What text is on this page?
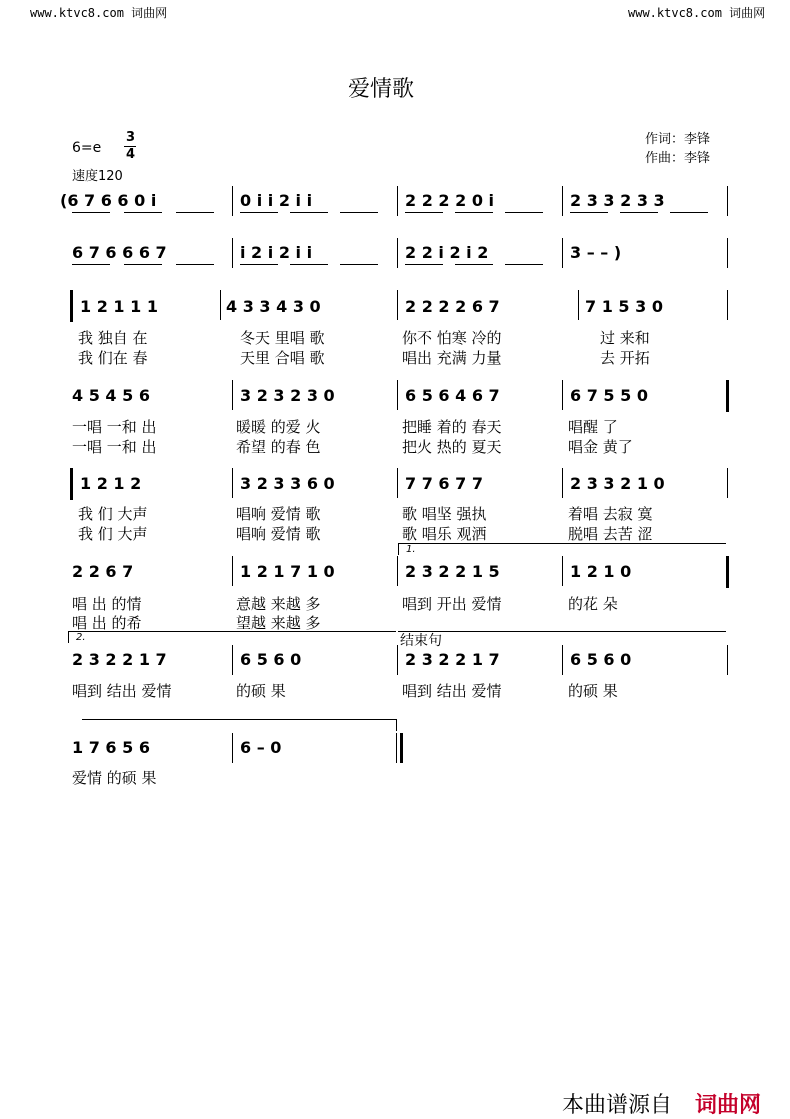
www.ktvc8.com 词曲网	www.ktvc8.com 词曲网
爱情歌
6=e
3
4
速度120
作词：李锋
作曲：李锋
(6 7 6 6 0 i	0 i i 2 i i	2 2 2 2 0 i	2 3 3 2 3 3
6 7 6 6 6 7	i 2 i 2 i i	2 2 i 2 i 2	3 – – )
1 2 1 1 1	4 3 3 4 3 0	2 2 2 2 6 7	7 1 5 3 0
我 独自 在	冬天 里唱 歌	你不 怕寒 冷的	过 来和
我 们在 春	天里 合唱 歌	唱出 充满 力量	去 开拓
4 5 4 5 6	3 2 3 2 3 0	6 5 6 4 6 7	6 7 5 5 0
一唱 一和 出	暖暖 的爱 火	把睡 着的 春天	唱醒 了
一唱 一和 出	希望 的春 色	把火 热的 夏天	唱金 黄了
1 2 1 2	3 2 3 3 6 0	7 7 6 7 7	2 3 3 2 1 0
我 们 大声	唱响 爱情 歌	歌 唱坚 强执	着唱 去寂 寞
我 们 大声	唱响 爱情 歌	歌 唱乐 观洒	脱唱 去苦 涩
1.
2 2 6 7	1 2 1 7 1 0	2 3 2 2 1 5	1 2 1 0
唱 出 的情	意越 来越 多	唱到 开出 爱情	的花 朵
唱 出 的希	望越 来越 多
2.	结束句
2 3 2 2 1 7	6 5 6 0	2 3 2 2 1 7	6 5 6 0
唱到 结出 爱情	的硕 果	唱到 结出 爱情	的硕 果
1 7 6 5 6	6 – 0
爱情 的硕 果
本曲谱源自 词曲网
